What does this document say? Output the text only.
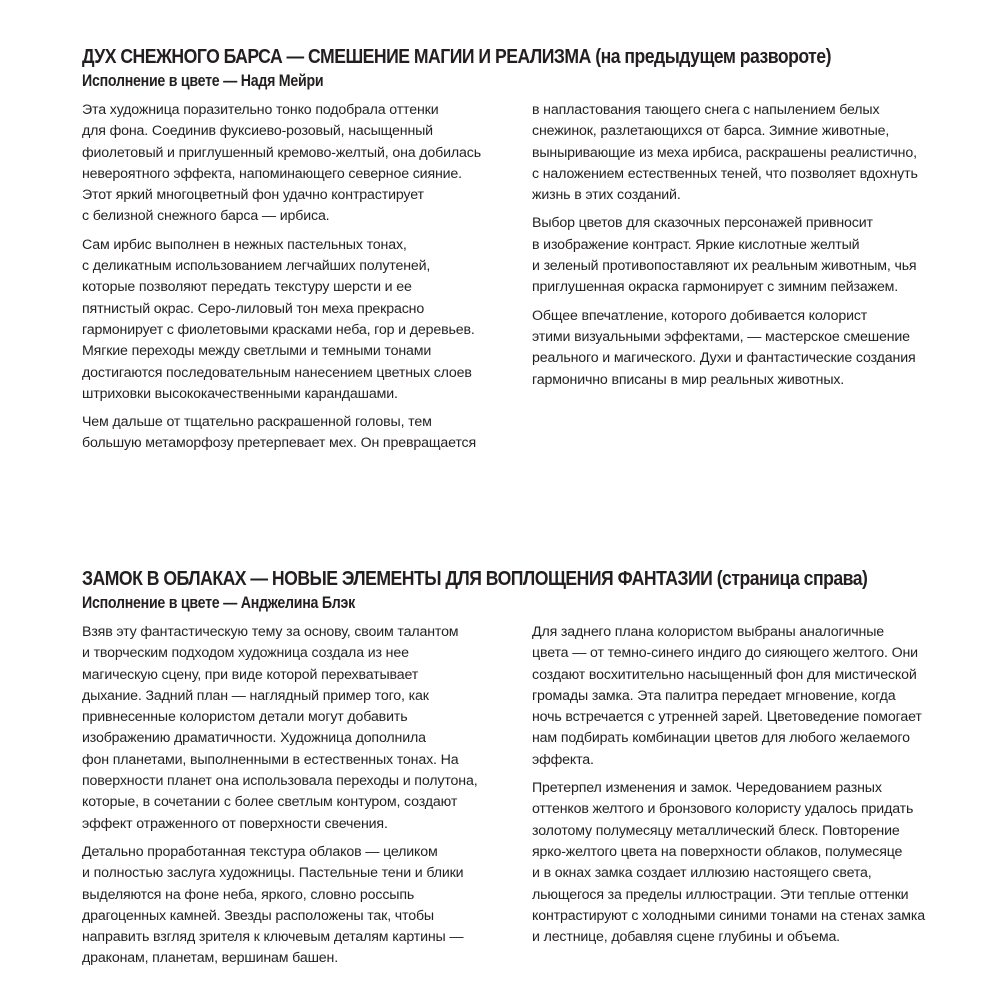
ДУХ СНЕЖНОГО БАРСА — СМЕШЕНИЕ МАГИИ И РЕАЛИЗМА (на предыдущем развороте)
Исполнение в цвете — Надя Мейри

Эта художница поразительно тонко подобрала оттенки
для фона. Соединив фуксиево-розовый, насыщенный
фиолетовый и приглушенный кремово-желтый, она добилась
невероятного эффекта, напоминающего северное сияние.
Этот яркий многоцветный фон удачно контрастирует
с белизной снежного барса — ирбиса.

Сам ирбис выполнен в нежных пастельных тонах,
с деликатным использованием легчайших полутеней,
которые позволяют передать текстуру шерсти и ее
пятнистый окрас. Серо-лиловый тон меха прекрасно
гармонирует с фиолетовыми красками неба, гор и деревьев.
Мягкие переходы между светлыми и темными тонами
достигаются последовательным нанесением цветных слоев
штриховки высококачественными карандашами.

Чем дальше от тщательно раскрашенной головы, тем
большую метаморфозу претерпевает мех. Он превращается

в напластования тающего снега с напылением белых
снежинок, разлетающихся от барса. Зимние животные,
выныривающие из меха ирбиса, раскрашены реалистично,
с наложением естественных теней, что позволяет вдохнуть
жизнь в этих созданий.

Выбор цветов для сказочных персонажей привносит
в изображение контраст. Яркие кислотные желтый
и зеленый противопоставляют их реальным животным, чья
приглушенная окраска гармонирует с зимним пейзажем.

Общее впечатление, которого добивается колорист
этими визуальными эффектами, — мастерское смешение
реального и магического. Духи и фантастические создания
гармонично вписаны в мир реальных животных.

ЗАМОК В ОБЛАКАХ — НОВЫЕ ЭЛЕМЕНТЫ ДЛЯ ВОПЛОЩЕНИЯ ФАНТАЗИИ (страница справа)
Исполнение в цвете — Анджелина Блэк

Взяв эту фантастическую тему за основу, своим талантом
и творческим подходом художница создала из нее
магическую сцену, при виде которой перехватывает
дыхание. Задний план — наглядный пример того, как
привнесенные колористом детали могут добавить
изображению драматичности. Художница дополнила
фон планетами, выполненными в естественных тонах. На
поверхности планет она использовала переходы и полутона,
которые, в сочетании с более светлым контуром, создают
эффект отраженного от поверхности свечения.

Детально проработанная текстура облаков — целиком
и полностью заслуга художницы. Пастельные тени и блики
выделяются на фоне неба, яркого, словно россыпь
драгоценных камней. Звезды расположены так, чтобы
направить взгляд зрителя к ключевым деталям картины —
драконам, планетам, вершинам башен.

Для заднего плана колористом выбраны аналогичные
цвета — от темно-синего индиго до сияющего желтого. Они
создают восхитительно насыщенный фон для мистической
громады замка. Эта палитра передает мгновение, когда
ночь встречается с утренней зарей. Цветоведение помогает
нам подбирать комбинации цветов для любого желаемого
эффекта.

Претерпел изменения и замок. Чередованием разных
оттенков желтого и бронзового колористу удалось придать
золотому полумесяцу металлический блеск. Повторение
ярко-желтого цвета на поверхности облаков, полумесяце
и в окнах замка создает иллюзию настоящего света,
льющегося за пределы иллюстрации. Эти теплые оттенки
контрастируют с холодными синими тонами на стенах замка
и лестнице, добавляя сцене глубины и объема.
